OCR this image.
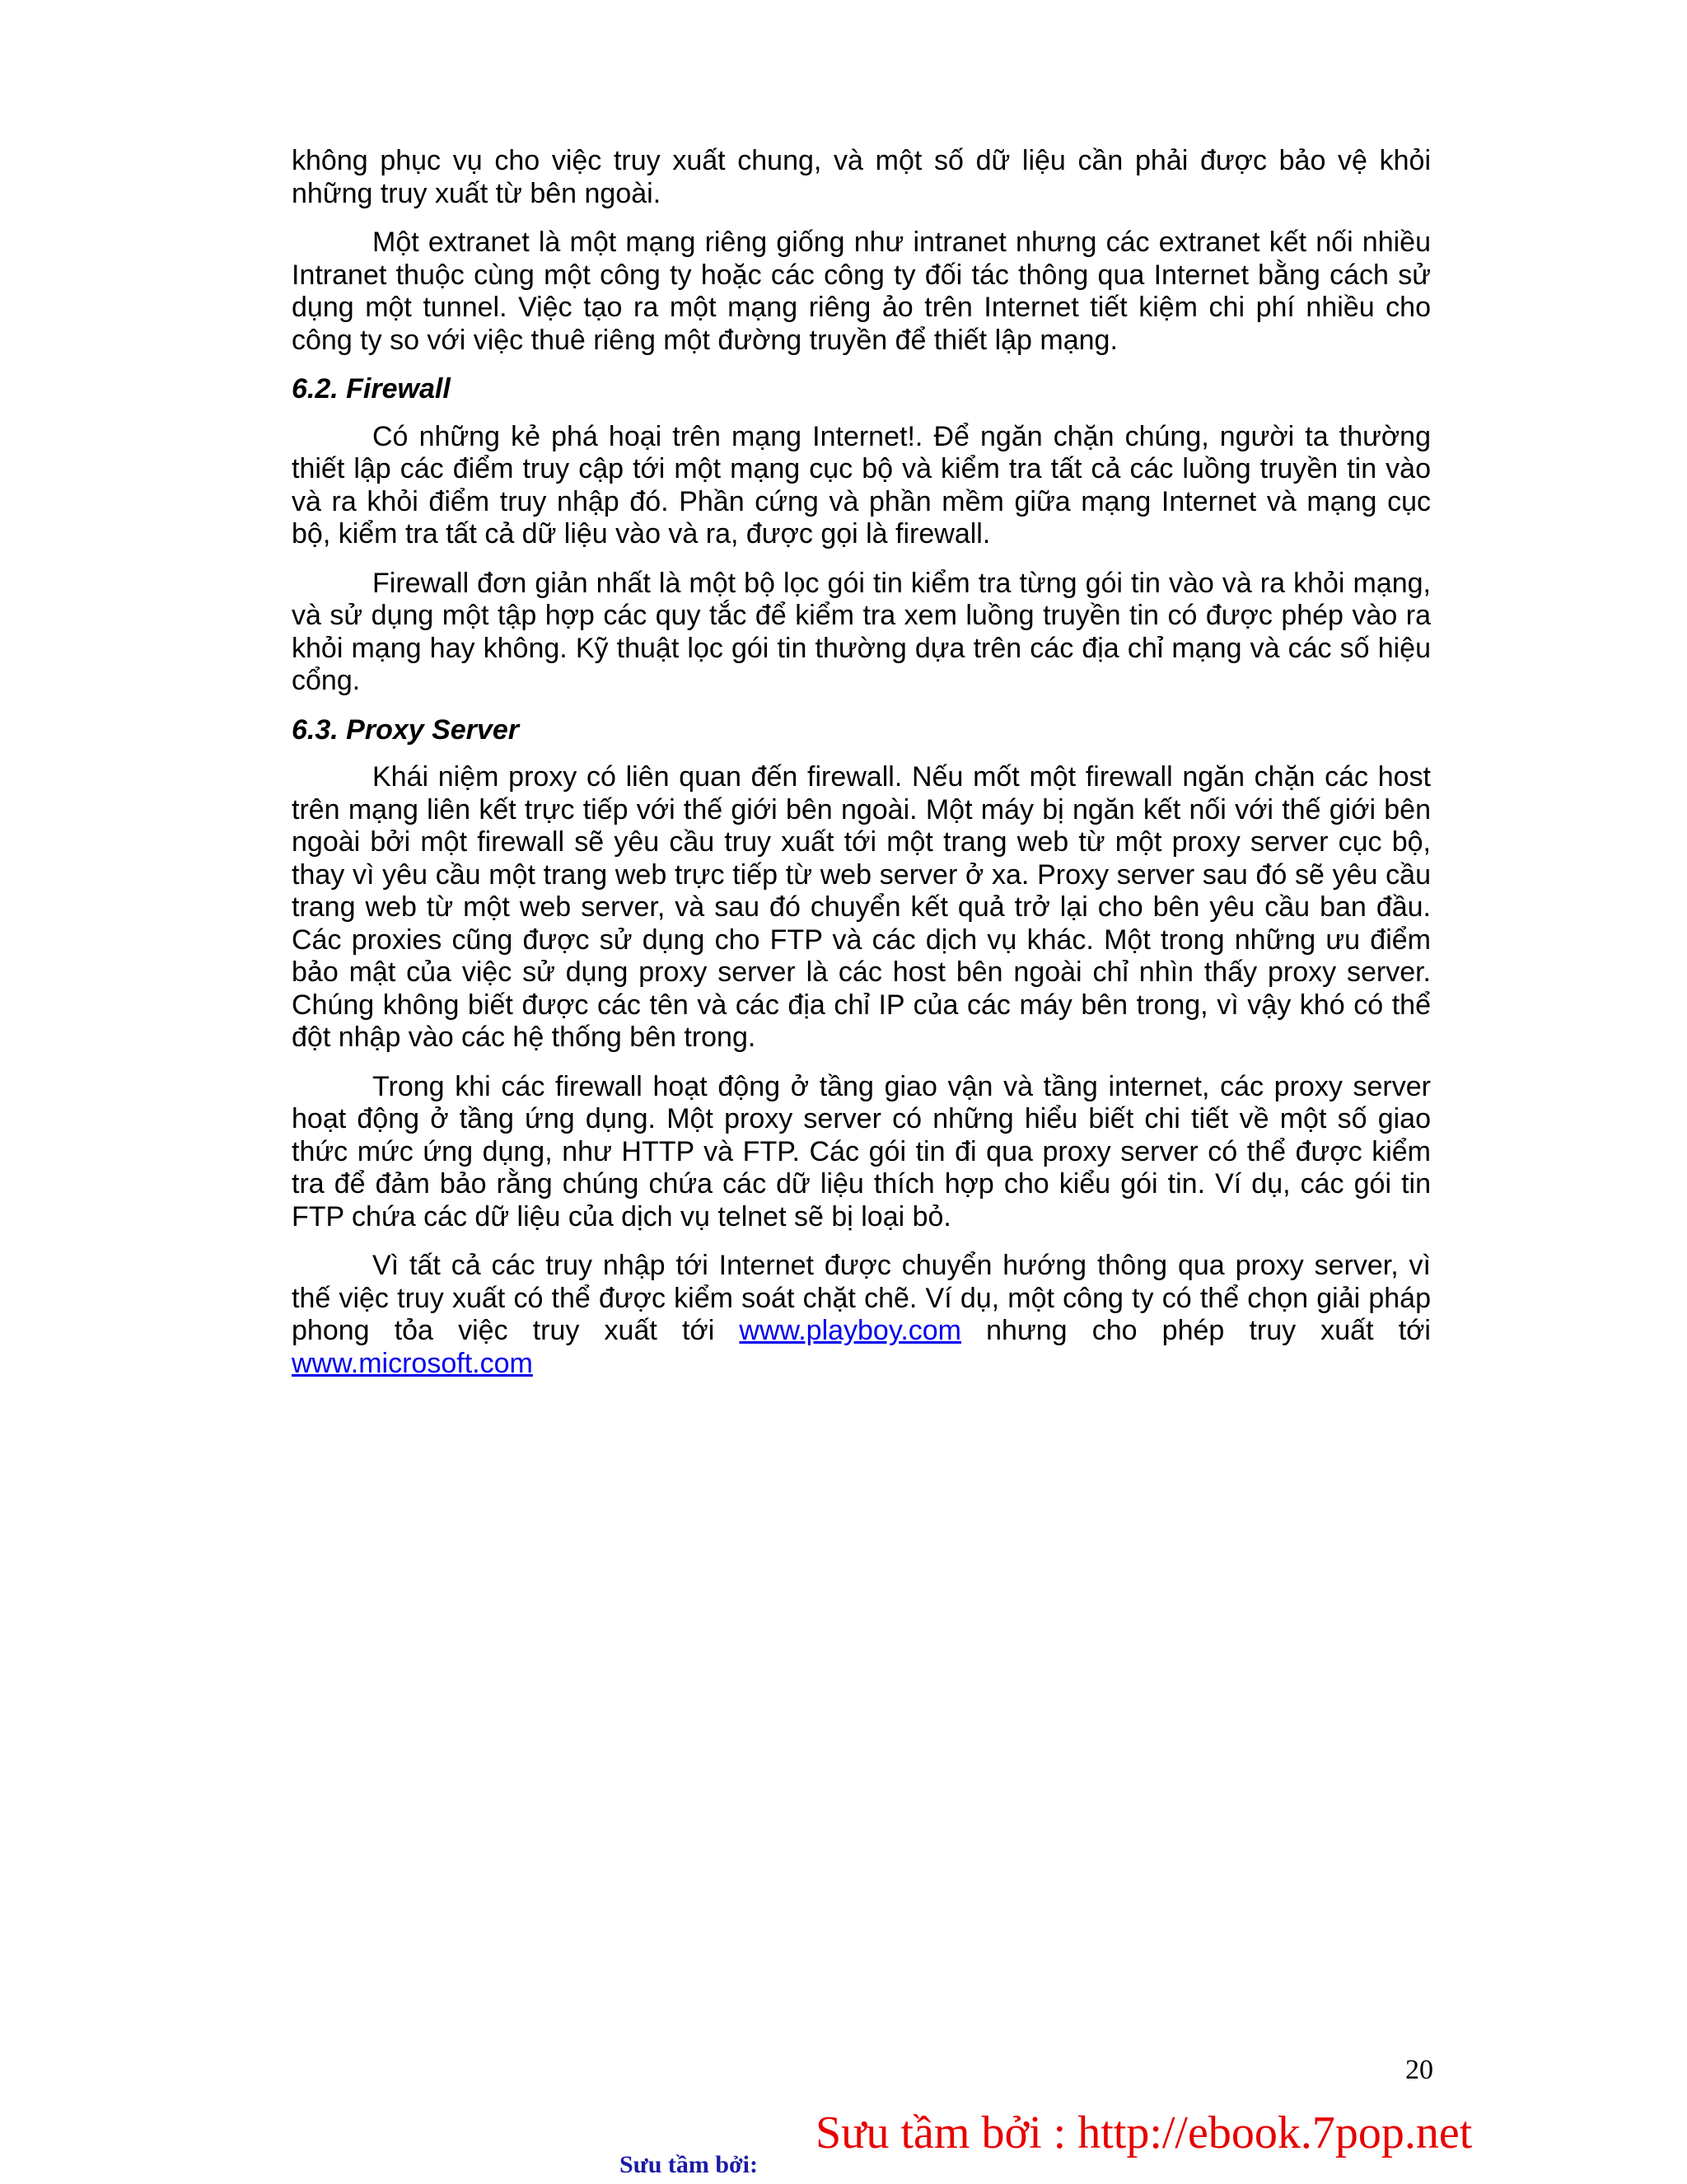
không phục vụ cho việc truy xuất chung, và một số dữ liệu cần phải được bảo vệ khỏi những truy xuất từ bên ngoài.

Một extranet là một mạng riêng giống như intranet nhưng các extranet kết nối nhiều Intranet thuộc cùng một công ty hoặc các công ty đối tác thông qua Internet bằng cách sử dụng một tunnel. Việc tạo ra một mạng riêng ảo trên Internet tiết kiệm chi phí nhiều cho công ty so với việc thuê riêng một đường truyền để thiết lập mạng.

6.2. Firewall

Có những kẻ phá hoại trên mạng Internet!. Để ngăn chặn chúng, người ta thường thiết lập các điểm truy cập tới một mạng cục bộ và kiểm tra tất cả các luồng truyền tin vào và ra khỏi điểm truy nhập đó. Phần cứng và phần mềm giữa mạng Internet và mạng cục bộ, kiểm tra tất cả dữ liệu vào và ra, được gọi là firewall.

Firewall đơn giản nhất là một bộ lọc gói tin kiểm tra từng gói tin vào và ra khỏi mạng, và sử dụng một tập hợp các quy tắc để kiểm tra xem luồng truyền tin có được phép vào ra khỏi mạng hay không. Kỹ thuật lọc gói tin thường dựa trên các địa chỉ mạng và các số hiệu cổng.

6.3. Proxy Server

Khái niệm proxy có liên quan đến firewall. Nếu mốt một firewall ngăn chặn các host trên mạng liên kết trực tiếp với thế giới bên ngoài. Một máy bị ngăn kết nối với thế giới bên ngoài bởi một firewall sẽ yêu cầu truy xuất tới một trang web từ một proxy server cục bộ, thay vì yêu cầu một trang web trực tiếp từ web server ở xa. Proxy server sau đó sẽ yêu cầu trang web từ một web server, và sau đó chuyển kết quả trở lại cho bên yêu cầu ban đầu. Các proxies cũng được sử dụng cho FTP và các dịch vụ khác. Một trong những ưu điểm bảo mật của việc sử dụng proxy server là các host bên ngoài chỉ nhìn thấy proxy server. Chúng không biết được các tên và các địa chỉ IP của các máy bên trong, vì vậy khó có thể đột nhập vào các hệ thống bên trong.

Trong khi các firewall hoạt động ở tầng giao vận và tầng internet, các proxy server hoạt động ở tầng ứng dụng. Một proxy server có những hiểu biết chi tiết về một số giao thức mức ứng dụng, như HTTP và FTP. Các gói tin đi qua proxy server có thể được kiểm tra để đảm bảo rằng chúng chứa các dữ liệu thích hợp cho kiểu gói tin. Ví dụ, các gói tin FTP chứa các dữ liệu của dịch vụ telnet sẽ bị loại bỏ.

Vì tất cả các truy nhập tới Internet được chuyển hướng thông qua proxy server, vì thế việc truy xuất có thể được kiểm soát chặt chẽ. Ví dụ, một công ty có thể chọn giải pháp phong tỏa việc truy xuất tới www.playboy.com nhưng cho phép truy xuất tới www.microsoft.com

20
Sưu tầm bởi:
Sưu tầm bởi : http://ebook.7pop.net
